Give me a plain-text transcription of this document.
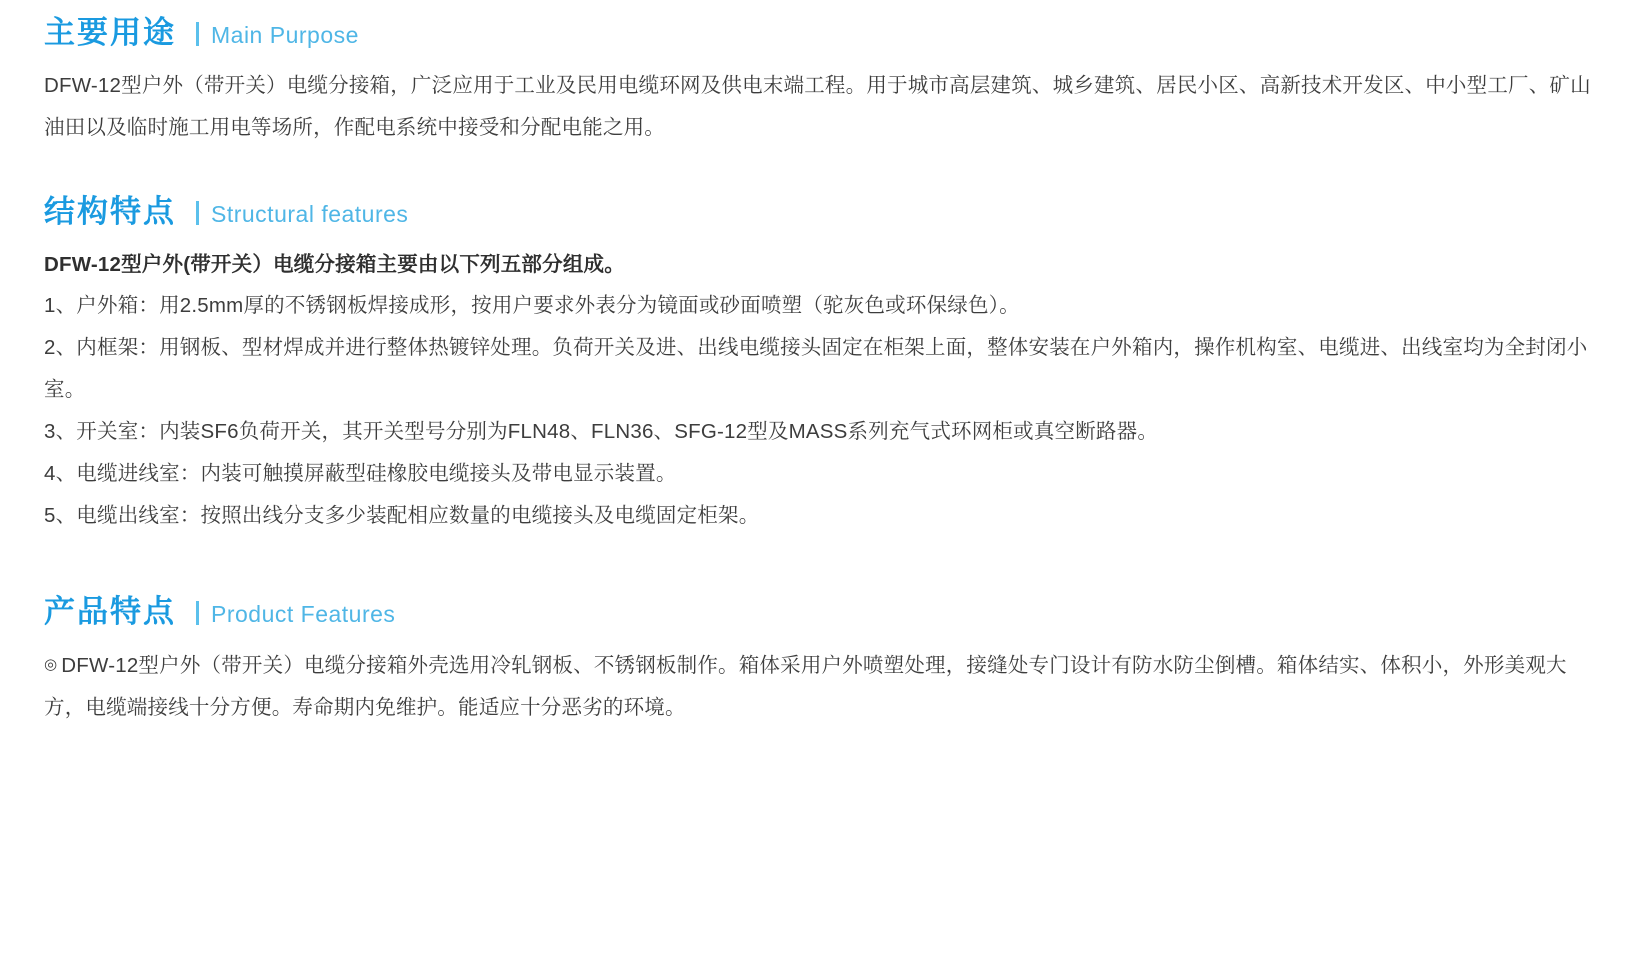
主要用途 Main Purpose

DFW-12型户外（带开关）电缆分接箱，广泛应用于工业及民用电缆环网及供电末端工程。用于城市高层建筑、城乡建筑、居民小区、高新技术开发区、中小型工厂、矿山油田以及临时施工用电等场所，作配电系统中接受和分配电能之用。

结构特点 Structural features

DFW-12型户外(带开关）电缆分接箱主要由以下列五部分组成。

1、户外箱：用2.5mm厚的不锈钢板焊接成形，按用户要求外表分为镜面或砂面喷塑（驼灰色或环保绿色）。
2、内框架：用钢板、型材焊成并进行整体热镀锌处理。负荷开关及进、出线电缆接头固定在柜架上面，整体安装在户外箱内，操作机构室、电缆进、出线室均为全封闭小室。
3、开关室：内装SF6负荷开关，其开关型号分别为FLN48、FLN36、SFG-12型及MASS系列充气式环网柜或真空断路器。
4、电缆进线室：内装可触摸屏蔽型硅橡胶电缆接头及带电显示装置。
5、电缆出线室：按照出线分支多少装配相应数量的电缆接头及电缆固定柜架。
产品特点 Product Features

◎ DFW-12型户外（带开关）电缆分接箱外壳选用冷轧钢板、不锈钢板制作。箱体采用户外喷塑处理，接缝处专门设计有防水防尘倒槽。箱体结实、体积小，外形美观大方，电缆端接线十分方便。寿命期内免维护。能适应十分恶劣的环境。
